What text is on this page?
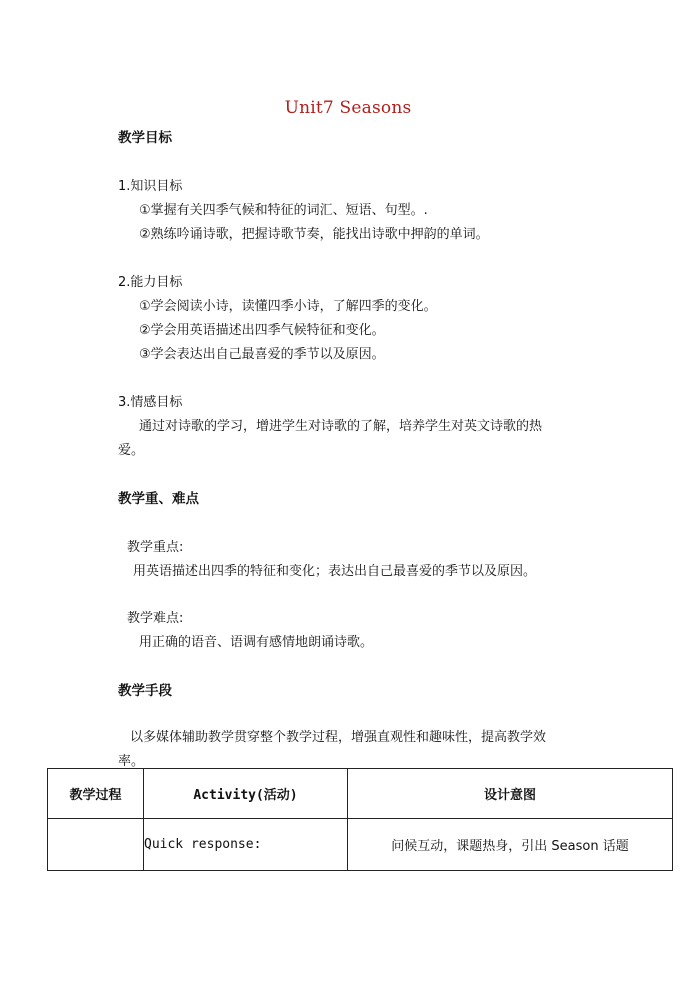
Unit7 Seasons
教学目标
1.知识目标
①掌握有关四季气候和特征的词汇、短语、句型。.
②熟练吟诵诗歌，把握诗歌节奏，能找出诗歌中押韵的单词。
2.能力目标
①学会阅读小诗，读懂四季小诗，了解四季的变化。
②学会用英语描述出四季气候特征和变化。
③学会表达出自己最喜爱的季节以及原因。
3.情感目标
通过对诗歌的学习，增进学生对诗歌的了解，培养学生对英文诗歌的热
爱。
教学重、难点
教学重点:
用英语描述出四季的特征和变化；表达出自己最喜爱的季节以及原因。
教学难点:
用正确的语音、语调有感情地朗诵诗歌。
教学手段
以多媒体辅助教学贯穿整个教学过程，增强直观性和趣味性，提高教学效
率。
教学过程	Activity(活动)	设计意图
	Quick response:	问候互动，课题热身，引出 Season 话题
